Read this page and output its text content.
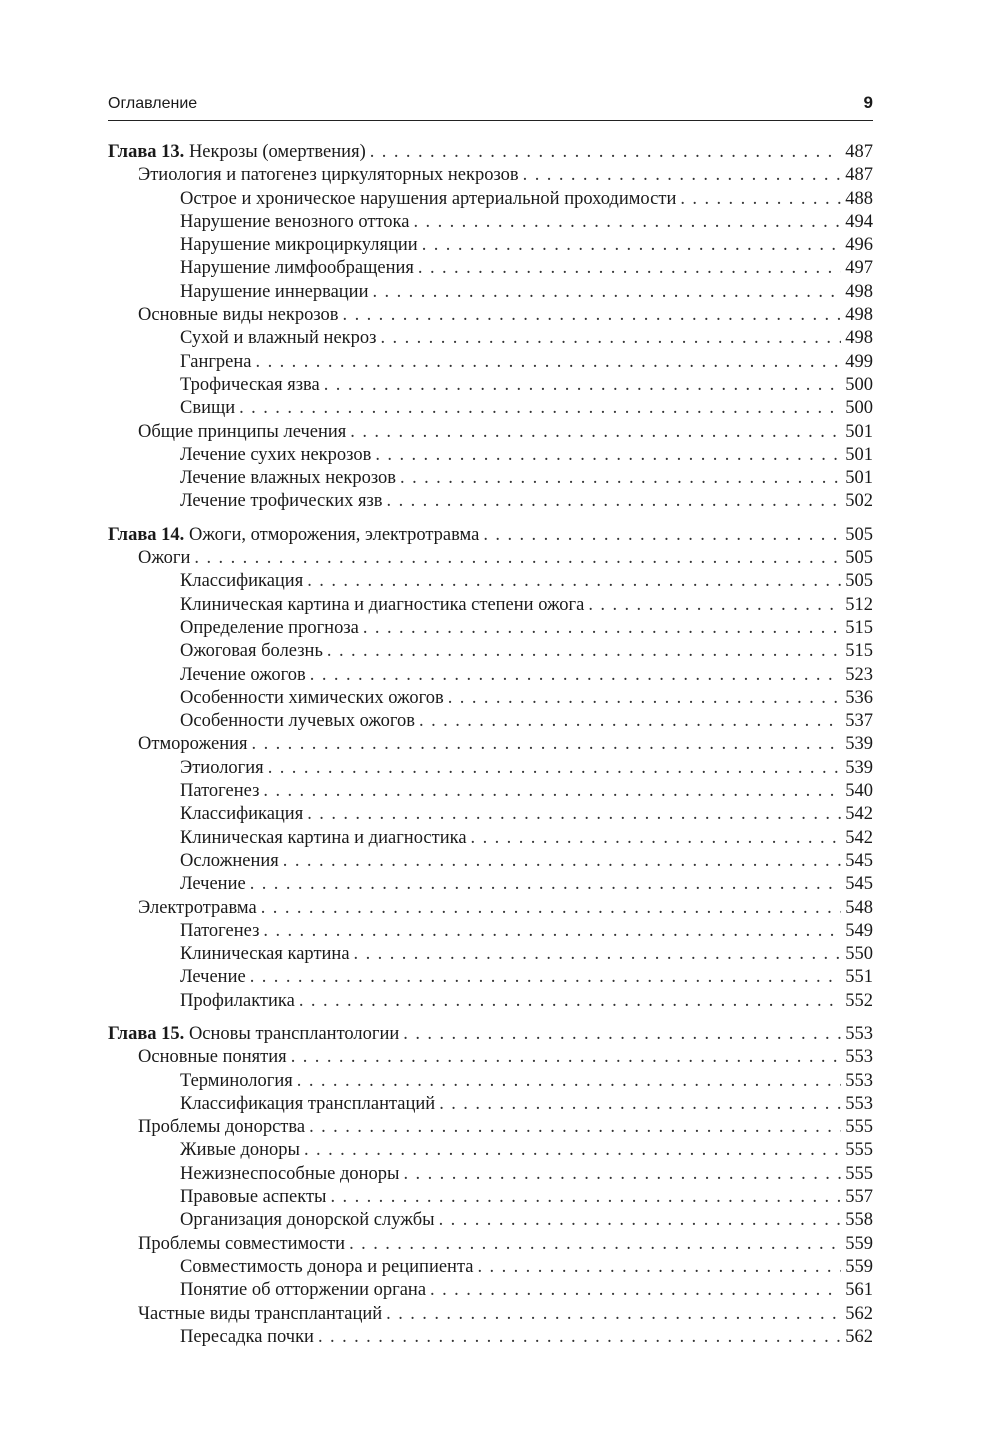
Оглавление	9
Глава 13. Некрозы (омертвения) . . .	487
Этиология и патогенез циркуляторных некрозов . . .	487
Острое и хроническое нарушения артериальной проходимости . . .	488
Нарушение венозного оттока . . .	494
Нарушение микроциркуляции . . .	496
Нарушение лимфообращения . . .	497
Нарушение иннервации . . .	498
Основные виды некрозов . . .	498
Сухой и влажный некроз . . .	498
Гангрена . . .	499
Трофическая язва . . .	500
Свищи . . .	500
Общие принципы лечения . . .	501
Лечение сухих некрозов . . .	501
Лечение влажных некрозов . . .	501
Лечение трофических язв . . .	502
Глава 14. Ожоги, отморожения, электротравма . . .	505
Ожоги . . .	505
Классификация . . .	505
Клиническая картина и диагностика степени ожога . . .	512
Определение прогноза . . .	515
Ожоговая болезнь . . .	515
Лечение ожогов . . .	523
Особенности химических ожогов . . .	536
Особенности лучевых ожогов . . .	537
Отморожения . . .	539
Этиология . . .	539
Патогенез . . .	540
Классификация . . .	542
Клиническая картина и диагностика . . .	542
Осложнения . . .	545
Лечение . . .	545
Электротравма . . .	548
Патогенез . . .	549
Клиническая картина . . .	550
Лечение . . .	551
Профилактика . . .	552
Глава 15. Основы трансплантологии . . .	553
Основные понятия . . .	553
Терминология . . .	553
Классификация трансплантаций . . .	553
Проблемы донорства . . .	555
Живые доноры . . .	555
Нежизнеспособные доноры . . .	555
Правовые аспекты . . .	557
Организация донорской службы . . .	558
Проблемы совместимости . . .	559
Совместимость донора и реципиента . . .	559
Понятие об отторжении органа . . .	561
Частные виды трансплантаций . . .	562
Пересадка почки . . .	562
